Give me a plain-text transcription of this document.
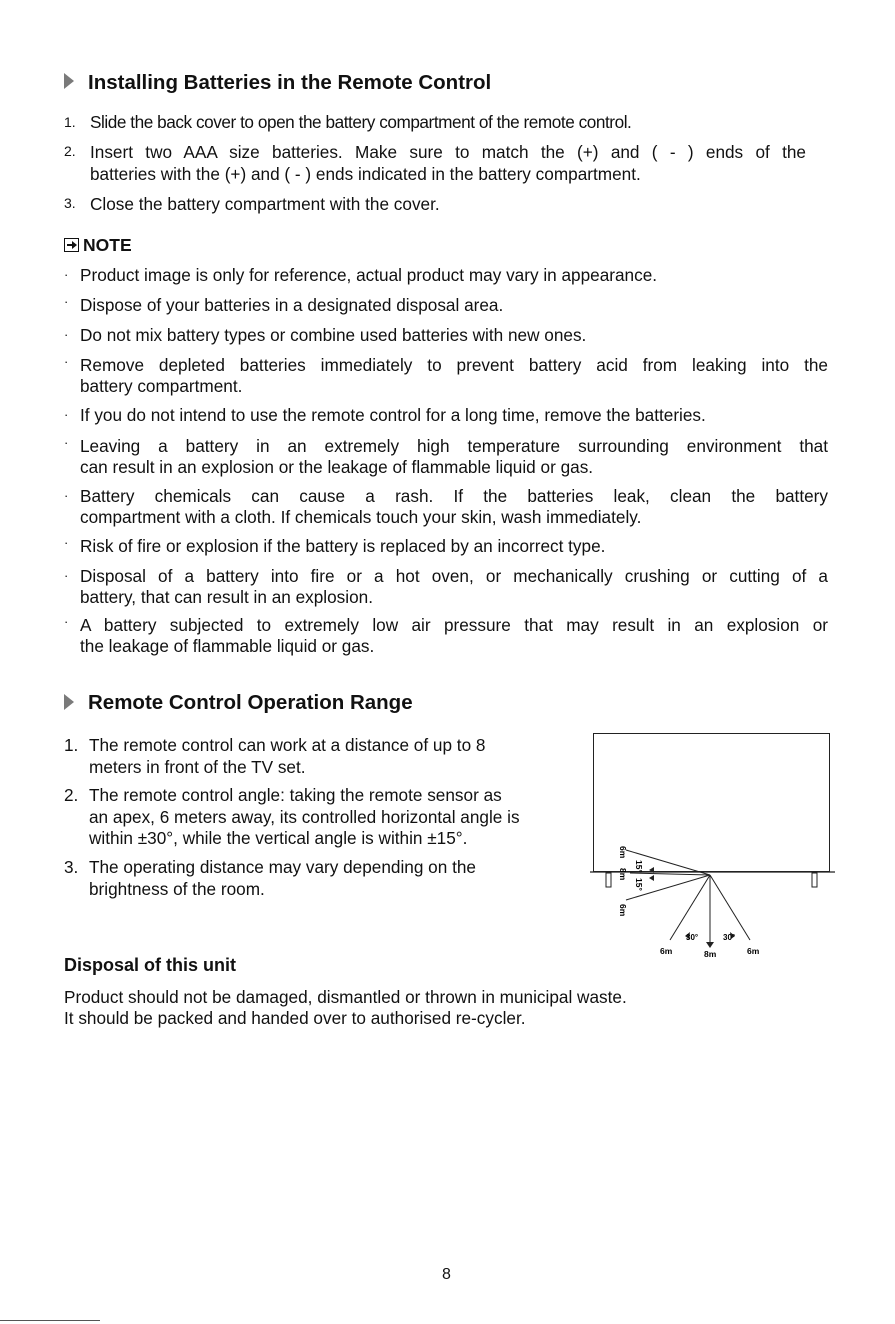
Installing Batteries in the Remote Control
1. Slide the back cover to open the battery compartment of the remote control.
2. Insert two AAA size batteries. Make sure to match the (+) and ( - ) ends of the
batteries with the (+) and ( - ) ends indicated in the battery compartment.
3. Close the battery compartment with the cover.
NOTE
· Product image is only for reference, actual product may vary in appearance.
· Dispose of your batteries in a designated disposal area.
· Do not mix battery types or combine used batteries with new ones.
· Remove depleted batteries immediately to prevent battery acid from leaking into the
battery compartment.
· If you do not intend to use the remote control for a long time, remove the batteries.
· Leaving a battery in an extremely high temperature surrounding environment that
can result in an explosion or the leakage of flammable liquid or gas.
· Battery chemicals can cause a rash. If the batteries leak, clean the battery
compartment with a cloth. If chemicals touch your skin, wash immediately.
· Risk of fire or explosion if the battery is replaced by an incorrect type.
· Disposal of a battery into fire or a hot oven, or mechanically crushing or cutting of a
battery, that can result in an explosion.
· A battery subjected to extremely low air pressure that may result in an explosion or
the leakage of flammable liquid or gas.
Remote Control Operation Range
1. The remote control can work at a distance of up to 8
meters in front of the TV set.
2. The remote control angle: taking the remote sensor as
an apex, 6 meters away, its controlled horizontal angle is
within ±30°, while the vertical angle is within ±15°.
3. The operating distance may vary depending on the
brightness of the room.
6m
15°
8m
15°
6m
6m
30°	30°
8m	6m
Disposal of this unit
Product should not be damaged, dismantled or thrown in municipal waste.
It should be packed and handed over to authorised re-cycler.
8
